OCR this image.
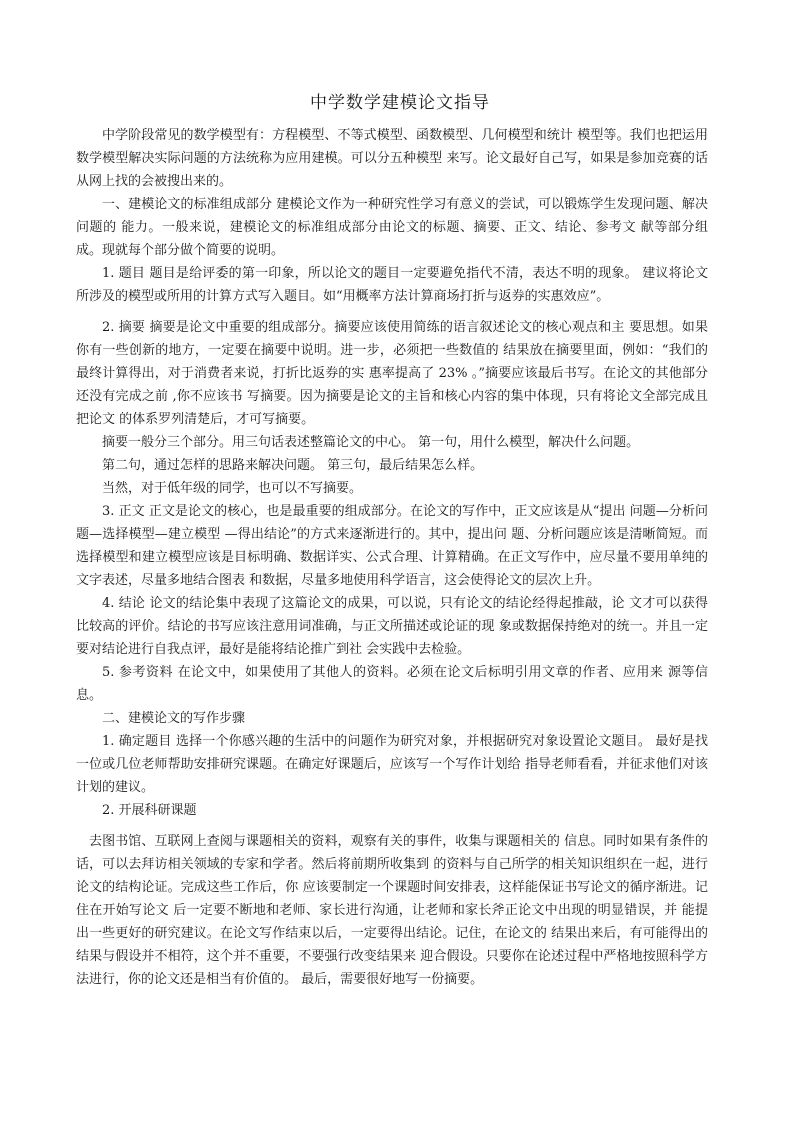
中学数学建模论文指导

中学阶段常见的数学模型有：方程模型、不等式模型、函数模型、几何模型和统计 模型等。我们也把运用数学模型解决实际问题的方法统称为应用建模。可以分五种模型 来写。论文最好自己写，如果是参加竞赛的话从网上找的会被搜出来的。

一、建模论文的标准组成部分 建模论文作为一种研究性学习有意义的尝试，可以锻炼学生发现问题、解决问题的 能力。一般来说，建模论文的标准组成部分由论文的标题、摘要、正文、结论、参考文 献等部分组成。现就每个部分做个简要的说明。

1. 题目 题目是给评委的第一印象，所以论文的题目一定要避免指代不清，表达不明的现象。 建议将论文所涉及的模型或所用的计算方式写入题目。如“用概率方法计算商场打折与返券的实惠效应”。

2. 摘要 摘要是论文中重要的组成部分。摘要应该使用简练的语言叙述论文的核心观点和主 要思想。如果你有一些创新的地方，一定要在摘要中说明。进一步，必须把一些数值的 结果放在摘要里面，例如：“我们的最终计算得出，对于消费者来说，打折比返券的实 惠率提高了 23% 。”摘要应该最后书写。在论文的其他部分还没有完成之前 ,你不应该书 写摘要。因为摘要是论文的主旨和核心内容的集中体现，只有将论文全部完成且把论文 的体系罗列清楚后，才可写摘要。

摘要一般分三个部分。用三句话表述整篇论文的中心。 第一句，用什么模型，解决什么问题。

第二句，通过怎样的思路来解决问题。 第三句，最后结果怎么样。

当然，对于低年级的同学，也可以不写摘要。

3. 正文 正文是论文的核心，也是最重要的组成部分。在论文的写作中，正文应该是从“提出 问题—分析问题—选择模型—建立模型 —得出结论”的方式来逐渐进行的。其中，提出问 题、分析问题应该是清晰简短。而选择模型和建立模型应该是目标明确、数据详实、公式合理、计算精确。在正文写作中，应尽量不要用单纯的文字表述，尽量多地结合图表 和数据，尽量多地使用科学语言，这会使得论文的层次上升。

4. 结论 论文的结论集中表现了这篇论文的成果，可以说，只有论文的结论经得起推敲，论 文才可以获得比较高的评价。结论的书写应该注意用词准确，与正文所描述或论证的现 象或数据保持绝对的统一。并且一定要对结论进行自我点评，最好是能将结论推广到社 会实践中去检验。

5. 参考资料 在论文中，如果使用了其他人的资料。必须在论文后标明引用文章的作者、应用来 源等信息。

二、建模论文的写作步骤

1. 确定题目 选择一个你感兴趣的生活中的问题作为研究对象，并根据研究对象设置论文题目。 最好是找一位或几位老师帮助安排研究课题。在确定好课题后，应该写一个写作计划给 指导老师看看，并征求他们对该计划的建议。

2. 开展科研课题

去图书馆、互联网上查阅与课题相关的资料，观察有关的事件，收集与课题相关的 信息。同时如果有条件的话，可以去拜访相关领域的专家和学者。然后将前期所收集到 的资料与自己所学的相关知识组织在一起，进行论文的结构论证。完成这些工作后，你 应该要制定一个课题时间安排表，这样能保证书写论文的循序渐进。记住在开始写论文 后一定要不断地和老师、家长进行沟通，让老师和家长斧正论文中出现的明显错误，并 能提出一些更好的研究建议。在论文写作结束以后，一定要得出结论。记住，在论文的 结果出来后，有可能得出的结果与假设并不相符，这个并不重要，不要强行改变结果来 迎合假设。只要你在论述过程中严格地按照科学方法进行，你的论文还是相当有价值的。 最后，需要很好地写一份摘要。
